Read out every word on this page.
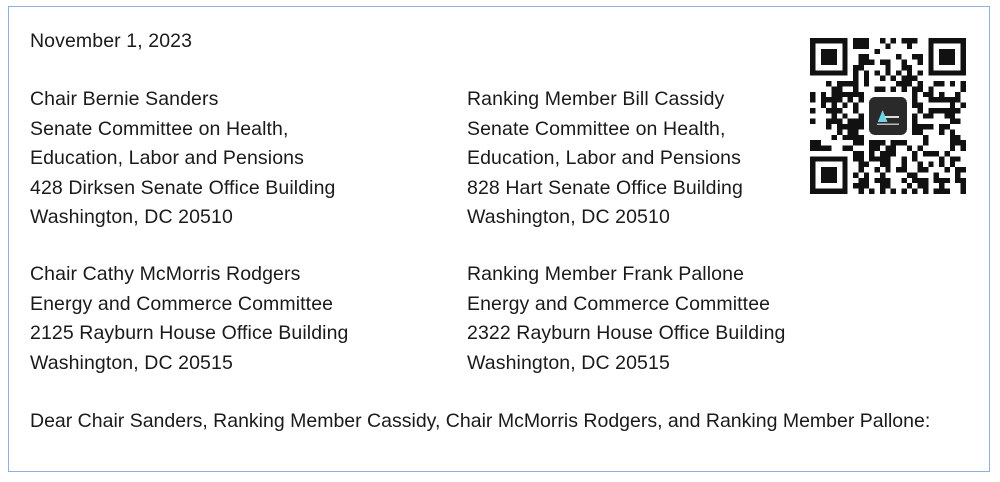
November 1, 2023
Chair Bernie Sanders
Senate Committee on Health,
Education, Labor and Pensions
428 Dirksen Senate Office Building
Washington, DC 20510
Ranking Member Bill Cassidy
Senate Committee on Health,
Education, Labor and Pensions
828 Hart Senate Office Building
Washington, DC 20510
Chair Cathy McMorris Rodgers
Energy and Commerce Committee
2125 Rayburn House Office Building
Washington, DC 20515
Ranking Member Frank Pallone
Energy and Commerce Committee
2322 Rayburn House Office Building
Washington, DC 20515
Dear Chair Sanders, Ranking Member Cassidy, Chair McMorris Rodgers, and Ranking Member Pallone:
